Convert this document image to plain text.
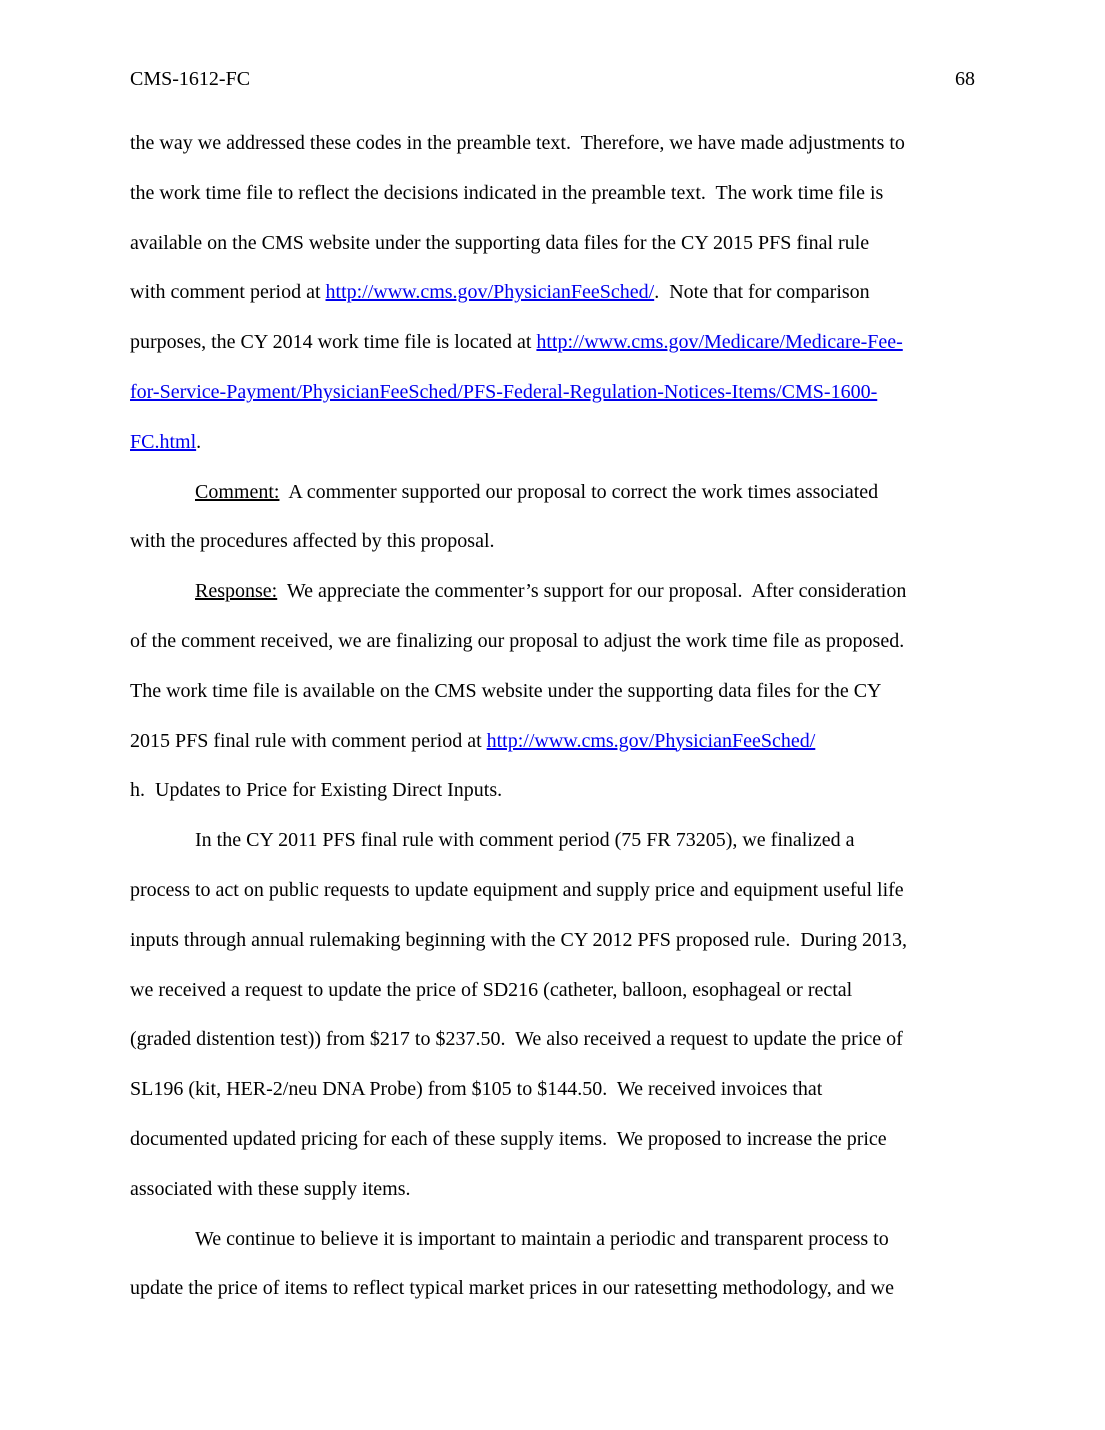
CMS-1612-FC	68
the way we addressed these codes in the preamble text.  Therefore, we have made adjustments to
the work time file to reflect the decisions indicated in the preamble text.  The work time file is
available on the CMS website under the supporting data files for the CY 2015 PFS final rule
with comment period at http://www.cms.gov/PhysicianFeeSched/.  Note that for comparison
purposes, the CY 2014 work time file is located at http://www.cms.gov/Medicare/Medicare-Fee-
for-Service-Payment/PhysicianFeeSched/PFS-Federal-Regulation-Notices-Items/CMS-1600-
FC.html.
Comment:  A commenter supported our proposal to correct the work times associated
with the procedures affected by this proposal.
Response:  We appreciate the commenter’s support for our proposal.  After consideration
of the comment received, we are finalizing our proposal to adjust the work time file as proposed.
The work time file is available on the CMS website under the supporting data files for the CY
2015 PFS final rule with comment period at http://www.cms.gov/PhysicianFeeSched/
h.  Updates to Price for Existing Direct Inputs.
In the CY 2011 PFS final rule with comment period (75 FR 73205), we finalized a
process to act on public requests to update equipment and supply price and equipment useful life
inputs through annual rulemaking beginning with the CY 2012 PFS proposed rule.  During 2013,
we received a request to update the price of SD216 (catheter, balloon, esophageal or rectal
(graded distention test)) from $217 to $237.50.  We also received a request to update the price of
SL196 (kit, HER-2/neu DNA Probe) from $105 to $144.50.  We received invoices that
documented updated pricing for each of these supply items.  We proposed to increase the price
associated with these supply items.
We continue to believe it is important to maintain a periodic and transparent process to
update the price of items to reflect typical market prices in our ratesetting methodology, and we
